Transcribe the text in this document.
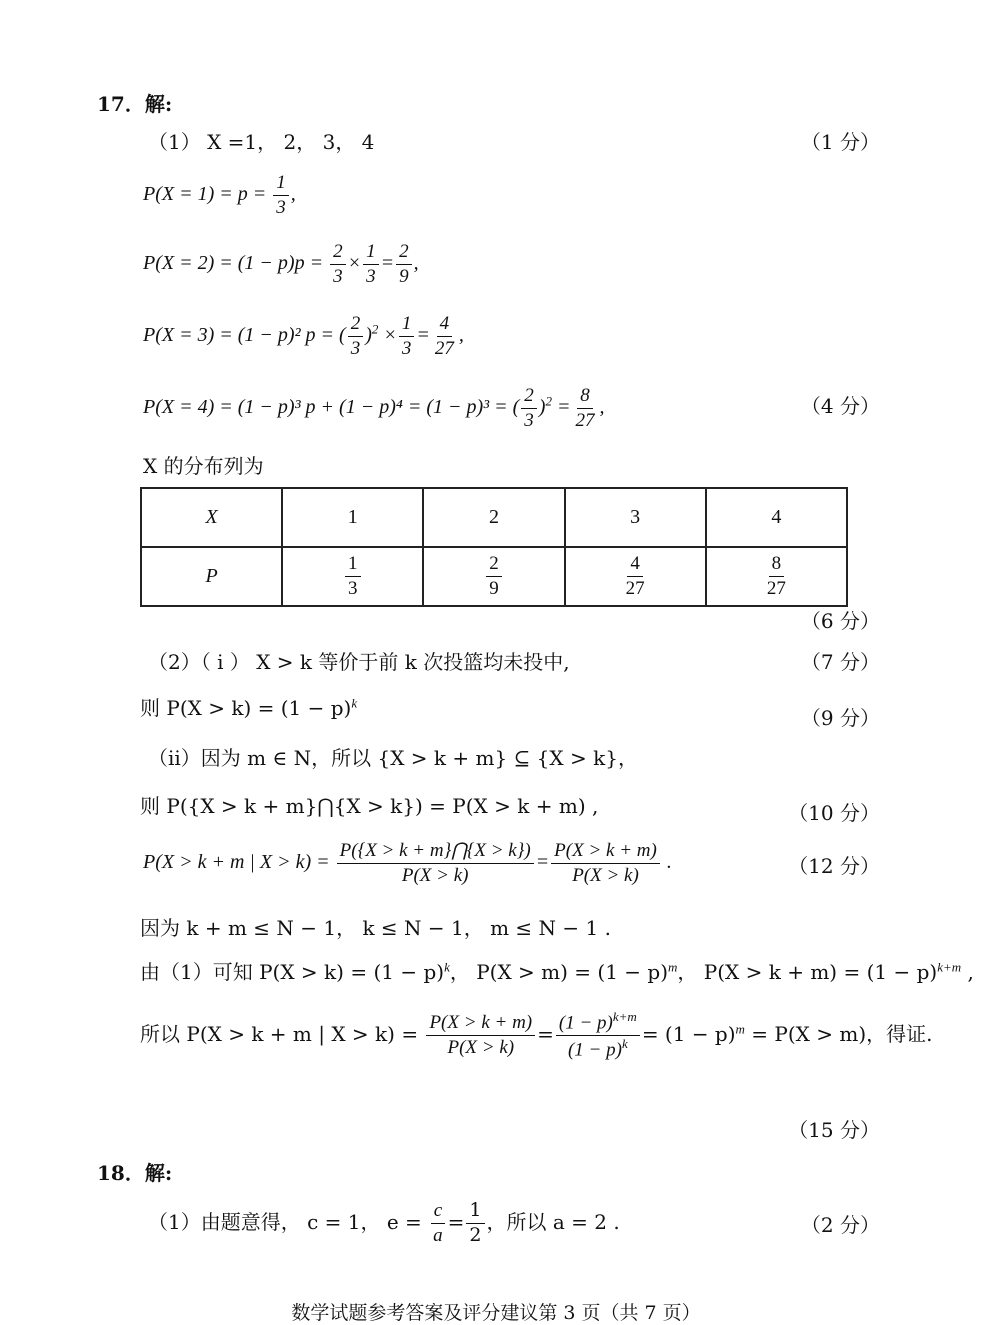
17．解:
（1） X =1， 2， 3， 4	（1 分）
$P(X = 1) = p = \frac{1}{3}$ ,
$P(X = 2) = (1 - p)p = \frac{2}{3} \times \frac{1}{3} = \frac{2}{9}$ ,
P(X = 3) = (1 − p)² p = ( $\frac{2}{3} )^2 \times \frac{1}{3} = \frac{4}{27}$ ,
P(X = 4) = (1 − p)³ p + (1 − p)⁴ = (1 − p)³ = ( $\frac{2}{3} )^2 = \frac{8}{27}$ ,	（4 分）
X 的分布列为
X	1	2	3	4
P	$\frac{1}{3}$	$\frac{2}{9}$	$\frac{4}{27}$	$\frac{8}{27}$
（6 分）
（2）（ i ） X > k 等价于前 k 次投篮均未投中,	（7 分）
则 $P(X > k) = (1 - p)^k$
（9 分）
（ii）因为 m ∈ N，所以 {X > k + m} ⊆ {X > k}，
则 P({X > k + m}⋂{X > k}) = P(X > k + m) ,	（10 分）
P(X > k + m | $X > k) = \frac{P(\{X > k + m\}⋂\{X > k\})}{P(X > k)} = \frac{P(X > k + m)}{P(X > k)}$ .	（12 分）
因为 k + m ≤ N − 1， k ≤ N − 1， m ≤ N − 1 .
由（1）可知 $P(X > k) = (1 - p)^k$， $P(X > m) = (1 - p)^m$， $P(X > k + m) = (1 - p)^{k+m}$ ,
所以 P(X > k + m | $X > k) = \frac{P(X > k + m)}{P(X > k)} = \frac{(1 - p)^{k+m}}{(1 - p)^k} = (1 - p)^m = P(X > m)$，得证.
（15 分）
18．解:
（1）由题意得， c = 1， $e = \frac{c}{a} = \frac{1}{2}$ ，所以 a = 2 .	（2 分）
数学试题参考答案及评分建议第 3 页（共 7 页）
